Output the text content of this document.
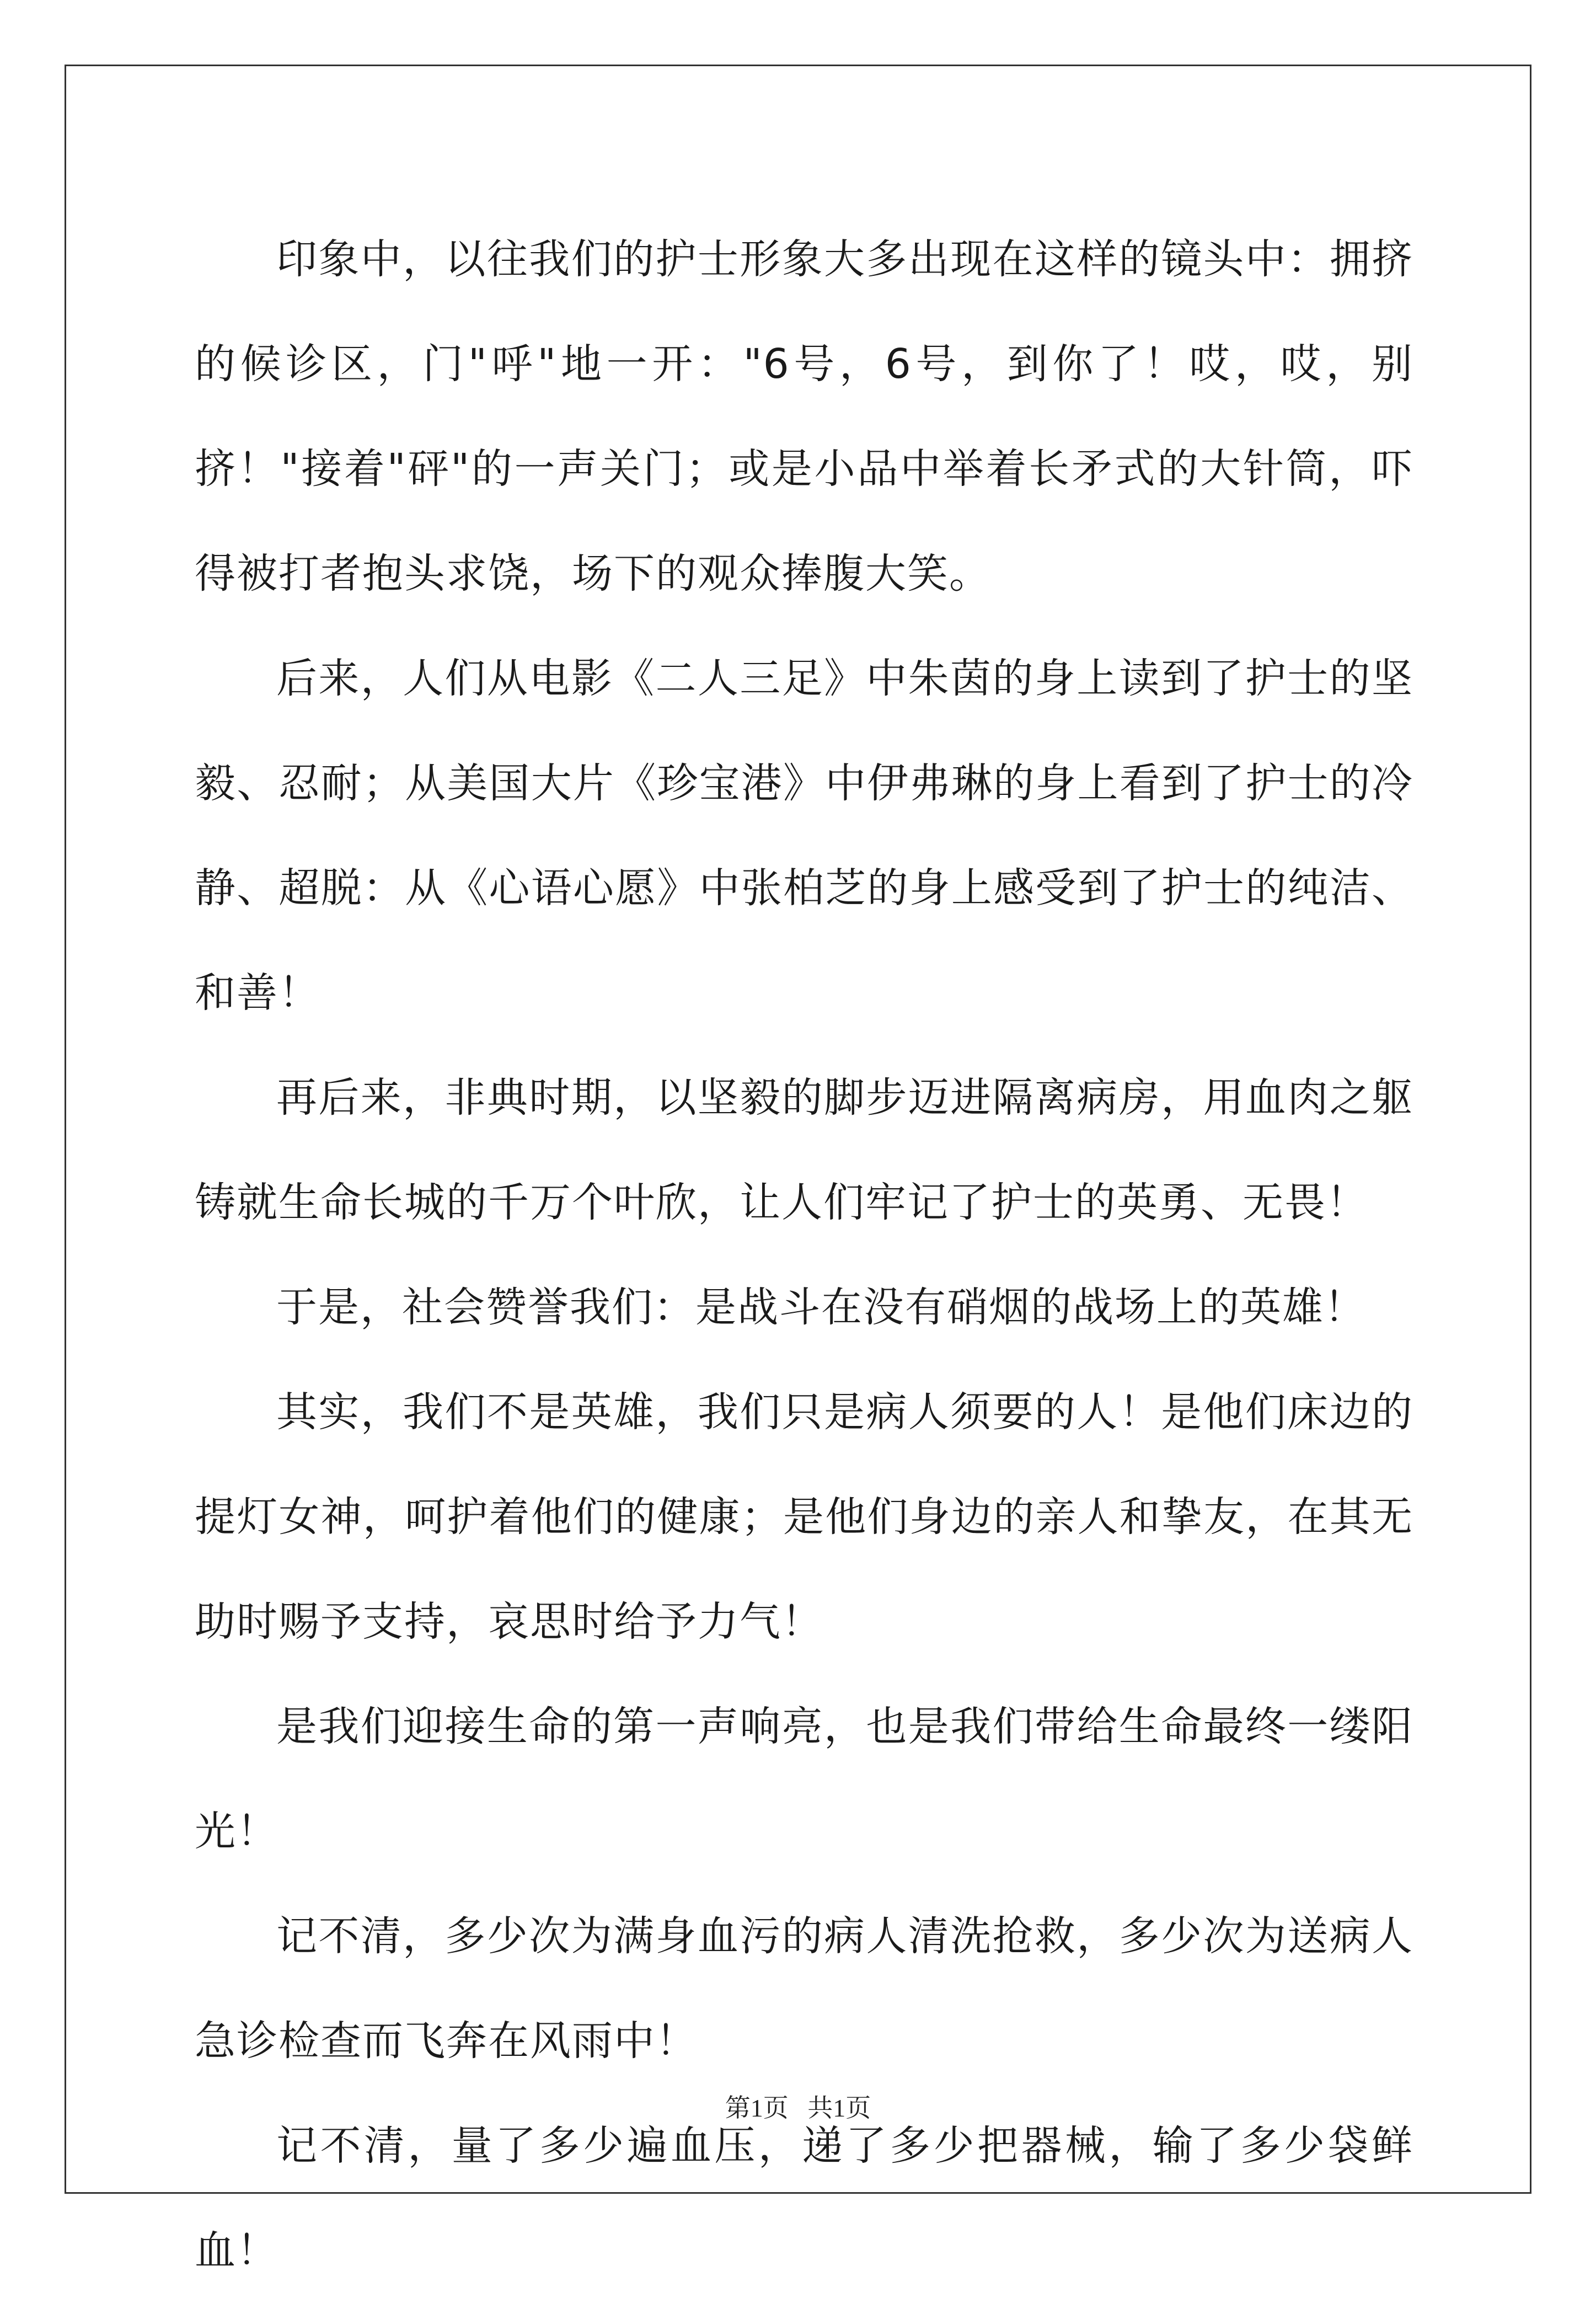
印象中，以往我们的护士形象大多出现在这样的镜头中：拥挤的候诊区，门"呼"地一开："6号，6号，到你了！哎，哎，别挤！"接着"砰"的一声关门；或是小品中举着长矛式的大针筒，吓得被打者抱头求饶，场下的观众捧腹大笑。

后来，人们从电影《二人三足》中朱茵的身上读到了护士的坚毅、忍耐；从美国大片《珍宝港》中伊弗琳的身上看到了护士的冷静、超脱：从《心语心愿》中张柏芝的身上感受到了护士的纯洁、和善！

再后来，非典时期，以坚毅的脚步迈进隔离病房，用血肉之躯铸就生命长城的千万个叶欣，让人们牢记了护士的英勇、无畏！

于是，社会赞誉我们：是战斗在没有硝烟的战场上的英雄！

其实，我们不是英雄，我们只是病人须要的人！是他们床边的提灯女神，呵护着他们的健康；是他们身边的亲人和挚友，在其无助时赐予支持，哀思时给予力气！

是我们迎接生命的第一声响亮，也是我们带给生命最终一缕阳光！

记不清，多少次为满身血污的病人清洗抢救，多少次为送病人急诊检查而飞奔在风雨中！

记不清，量了多少遍血压，递了多少把器械，输了多少袋鲜血！

第1页 共1页
